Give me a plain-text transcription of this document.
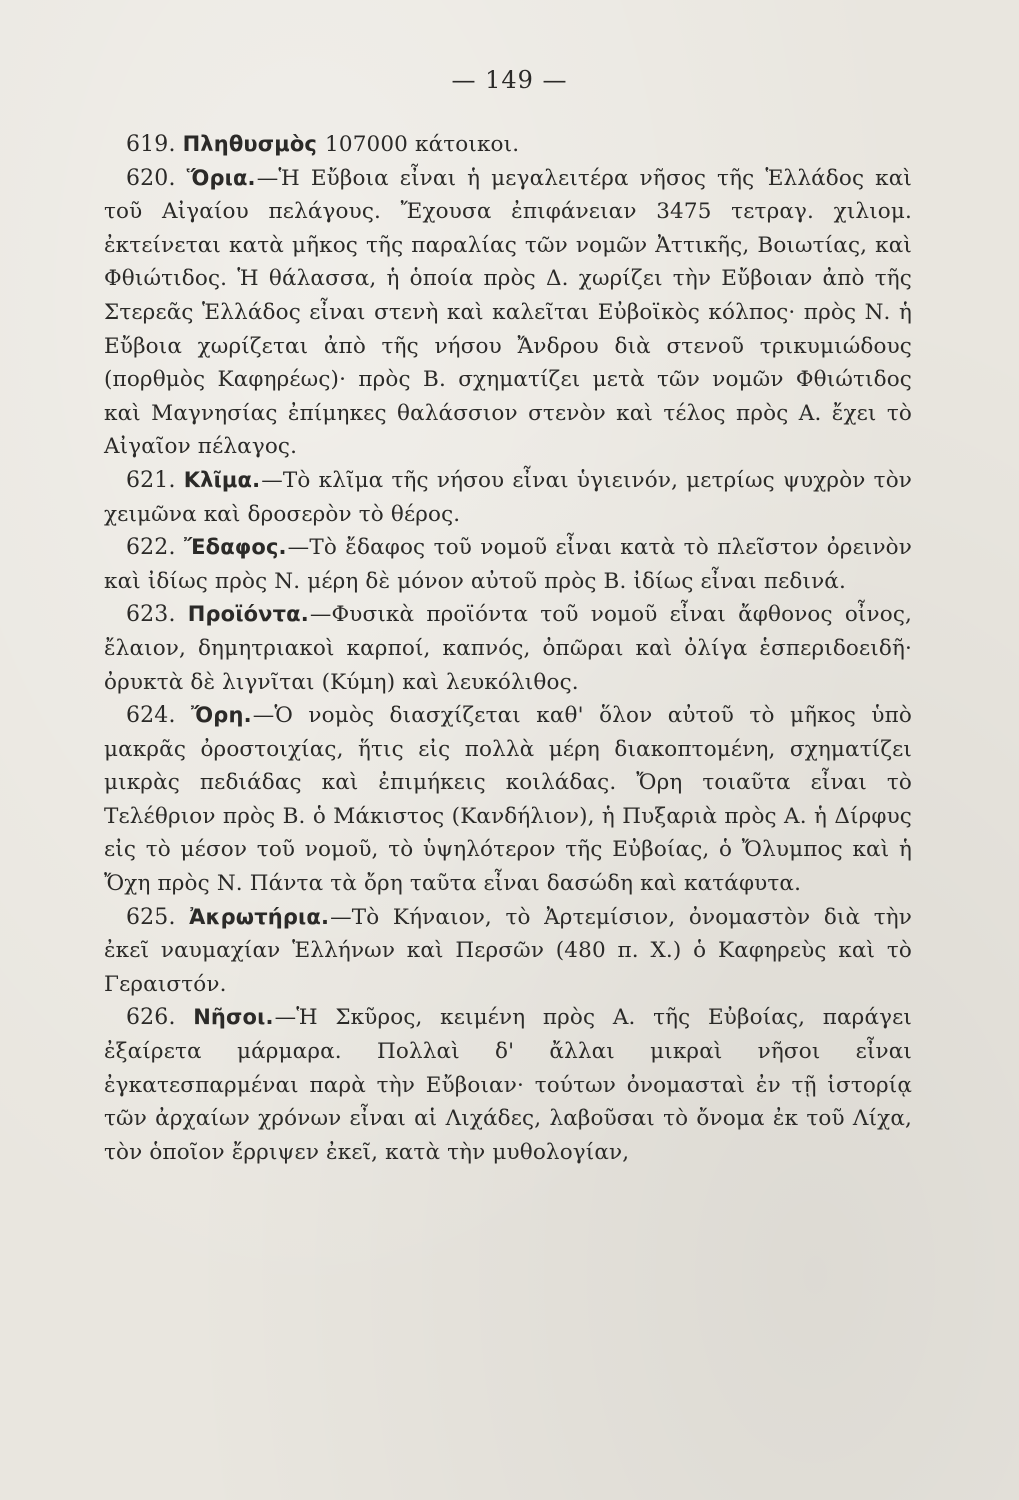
— 149 —

619. Πληθυσμὸς 107000 κάτοικοι.

620. Ὅρια.—Ἡ Εὔβοια εἶναι ἡ μεγαλειτέρα νῆσος τῆς Ἑλλάδος καὶ τοῦ Αἰγαίου πελάγους. Ἔχουσα ἐπιφάνειαν 3475 τετραγ. χιλιομ. ἐκτείνεται κατὰ μῆκος τῆς παραλίας τῶν νομῶν Ἀττικῆς, Βοιωτίας, καὶ Φθιώτιδος. Ἡ θάλασσα, ἡ ὁποία πρὸς Δ. χωρίζει τὴν Εὔβοιαν ἀπὸ τῆς Στερεᾶς Ἑλλάδος εἶναι στενὴ καὶ καλεῖται Εὐβοϊκὸς κόλπος· πρὸς Ν. ἡ Εὔβοια χωρίζεται ἀπὸ τῆς νήσου Ἄνδρου διὰ στενοῦ τρικυμιώδους (πορθμὸς Καφηρέως)· πρὸς Β. σχηματίζει μετὰ τῶν νομῶν Φθιώτιδος καὶ Μαγνησίας ἐπίμηκες θαλάσσιον στενὸν καὶ τέλος πρὸς Α. ἔχει τὸ Αἰγαῖον πέλαγος.

621. Κλῖμα.—Τὸ κλῖμα τῆς νήσου εἶναι ὑγιεινόν, μετρίως ψυχρὸν τὸν χειμῶνα καὶ δροσερὸν τὸ θέρος.

622. Ἔδαφος.—Τὸ ἔδαφος τοῦ νομοῦ εἶναι κατὰ τὸ πλεῖστον ὀρεινὸν καὶ ἰδίως πρὸς Ν. μέρη δὲ μόνον αὐτοῦ πρὸς Β. ἰδίως εἶναι πεδινά.

623. Προϊόντα.—Φυσικὰ προϊόντα τοῦ νομοῦ εἶναι ἄφθονος οἶνος, ἔλαιον, δημητριακοὶ καρποί, καπνός, ὀπῶραι καὶ ὀλίγα ἑσπεριδοειδῆ· ὀρυκτὰ δὲ λιγνῖται (Κύμη) καὶ λευκόλιθος.

624. Ὄρη.—Ὁ νομὸς διασχίζεται καθ' ὅλον αὐτοῦ τὸ μῆκος ὑπὸ μακρᾶς ὀροστοιχίας, ἥτις εἰς πολλὰ μέρη διακοπτομένη, σχηματίζει μικρὰς πεδιάδας καὶ ἐπιμήκεις κοιλάδας. Ὄρη τοιαῦτα εἶναι τὸ Τελέθριον πρὸς Β. ὁ Μάκιστος (Κανδήλιον), ἡ Πυξαριὰ πρὸς Α. ἡ Δίρφυς εἰς τὸ μέσον τοῦ νομοῦ, τὸ ὑψηλότερον τῆς Εὐβοίας, ὁ Ὄλυμπος καὶ ἡ Ὄχη πρὸς Ν. Πάντα τὰ ὄρη ταῦτα εἶναι δασώδη καὶ κατάφυτα.

625. Ἀκρωτήρια.—Τὸ Κήναιον, τὸ Ἀρτεμίσιον, ὀνομαστὸν διὰ τὴν ἐκεῖ ναυμαχίαν Ἑλλήνων καὶ Περσῶν (480 π. Χ.) ὁ Καφηρεὺς καὶ τὸ Γεραιστόν.

626. Νῆσοι.—Ἡ Σκῦρος, κειμένη πρὸς Α. τῆς Εὐβοίας, παράγει ἐξαίρετα μάρμαρα. Πολλαὶ δ' ἄλλαι μικραὶ νῆσοι εἶναι ἐγκατεσπαρμέναι παρὰ τὴν Εὔβοιαν· τούτων ὀνομασταὶ ἐν τῇ ἱστορίᾳ τῶν ἀρχαίων χρόνων εἶναι αἱ Λιχάδες, λαβοῦσαι τὸ ὄνομα ἐκ τοῦ Λίχα, τὸν ὁποῖον ἔρριψεν ἐκεῖ, κατὰ τὴν μυθολογίαν,
